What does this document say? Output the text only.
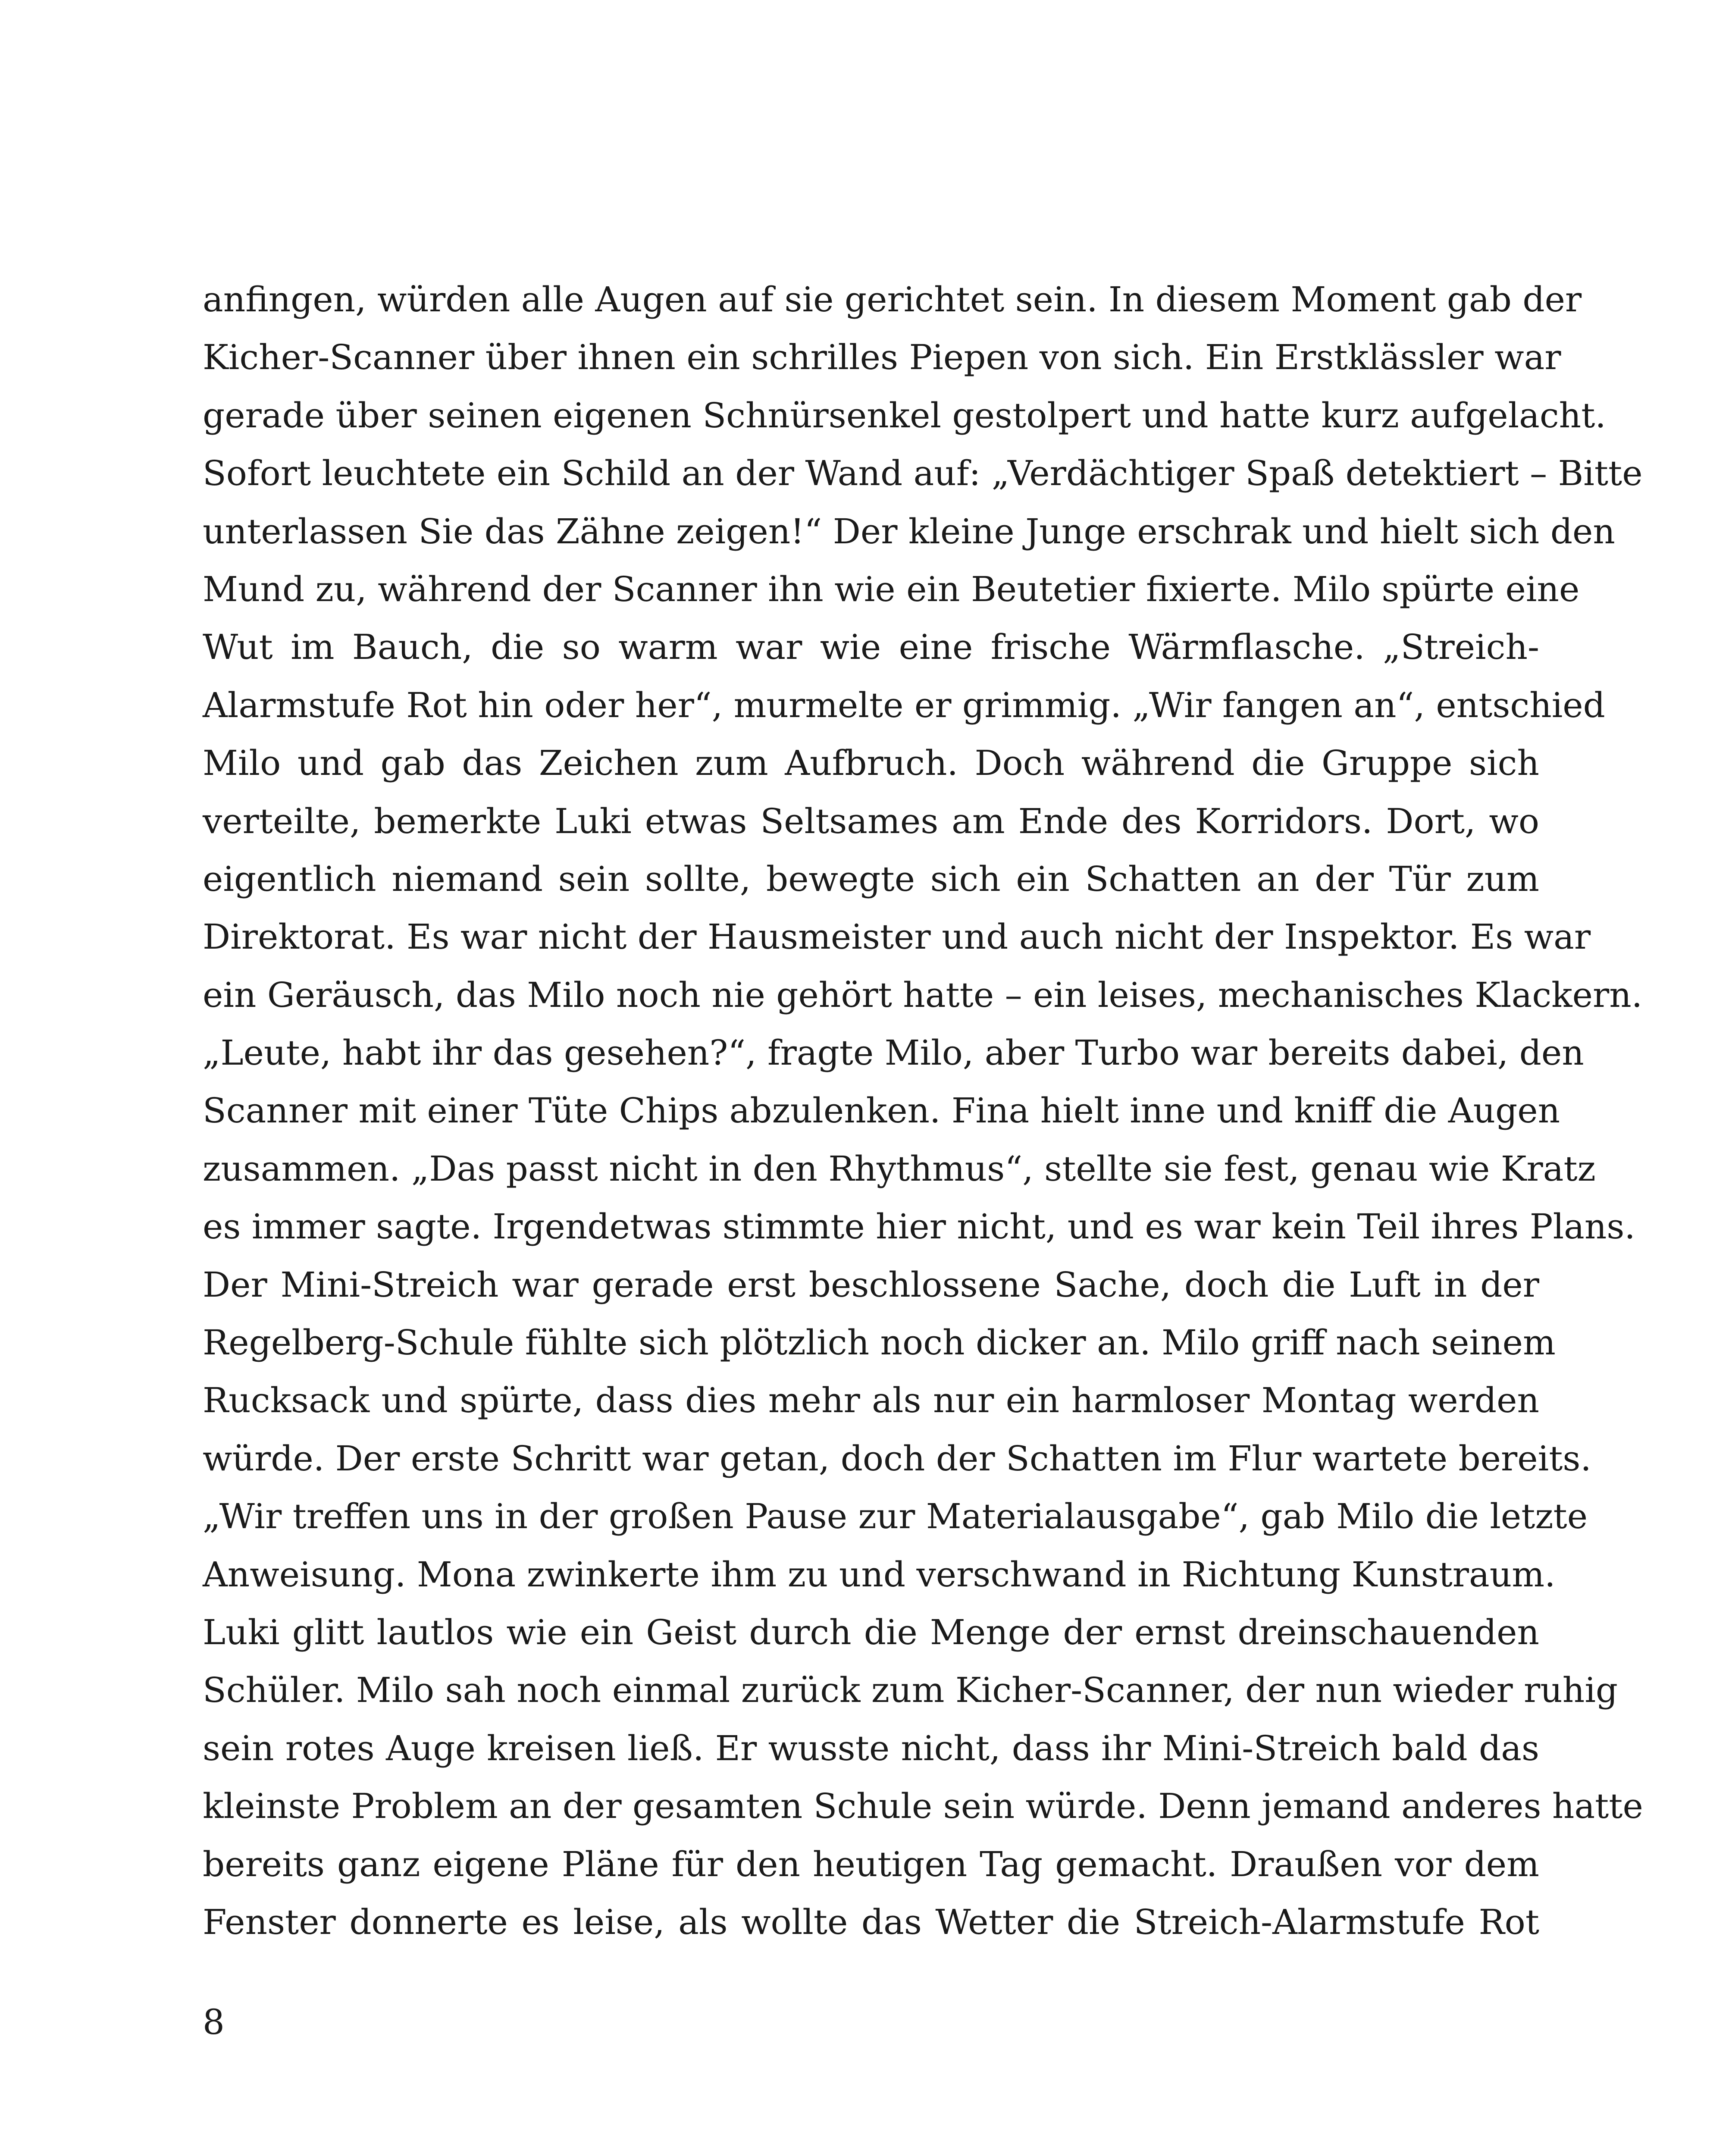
anfingen, würden alle Augen auf sie gerichtet sein. In diesem Moment gab der
Kicher-Scanner über ihnen ein schrilles Piepen von sich. Ein Erstklässler war
gerade über seinen eigenen Schnürsenkel gestolpert und hatte kurz aufgelacht.
Sofort leuchtete ein Schild an der Wand auf: „Verdächtiger Spaß detektiert – Bitte
unterlassen Sie das Zähne zeigen!“ Der kleine Junge erschrak und hielt sich den
Mund zu, während der Scanner ihn wie ein Beutetier fixierte. Milo spürte eine
Wut im Bauch, die so warm war wie eine frische Wärmflasche. „Streich-
Alarmstufe Rot hin oder her“, murmelte er grimmig. „Wir fangen an“, entschied
Milo und gab das Zeichen zum Aufbruch. Doch während die Gruppe sich
verteilte, bemerkte Luki etwas Seltsames am Ende des Korridors. Dort, wo
eigentlich niemand sein sollte, bewegte sich ein Schatten an der Tür zum
Direktorat. Es war nicht der Hausmeister und auch nicht der Inspektor. Es war
ein Geräusch, das Milo noch nie gehört hatte – ein leises, mechanisches Klackern.
„Leute, habt ihr das gesehen?“, fragte Milo, aber Turbo war bereits dabei, den
Scanner mit einer Tüte Chips abzulenken. Fina hielt inne und kniff die Augen
zusammen. „Das passt nicht in den Rhythmus“, stellte sie fest, genau wie Kratz
es immer sagte. Irgendetwas stimmte hier nicht, und es war kein Teil ihres Plans.
Der Mini-Streich war gerade erst beschlossene Sache, doch die Luft in der
Regelberg-Schule fühlte sich plötzlich noch dicker an. Milo griff nach seinem
Rucksack und spürte, dass dies mehr als nur ein harmloser Montag werden
würde. Der erste Schritt war getan, doch der Schatten im Flur wartete bereits.
„Wir treffen uns in der großen Pause zur Materialausgabe“, gab Milo die letzte
Anweisung. Mona zwinkerte ihm zu und verschwand in Richtung Kunstraum.
Luki glitt lautlos wie ein Geist durch die Menge der ernst dreinschauenden
Schüler. Milo sah noch einmal zurück zum Kicher-Scanner, der nun wieder ruhig
sein rotes Auge kreisen ließ. Er wusste nicht, dass ihr Mini-Streich bald das
kleinste Problem an der gesamten Schule sein würde. Denn jemand anderes hatte
bereits ganz eigene Pläne für den heutigen Tag gemacht. Draußen vor dem
Fenster donnerte es leise, als wollte das Wetter die Streich-Alarmstufe Rot
8
